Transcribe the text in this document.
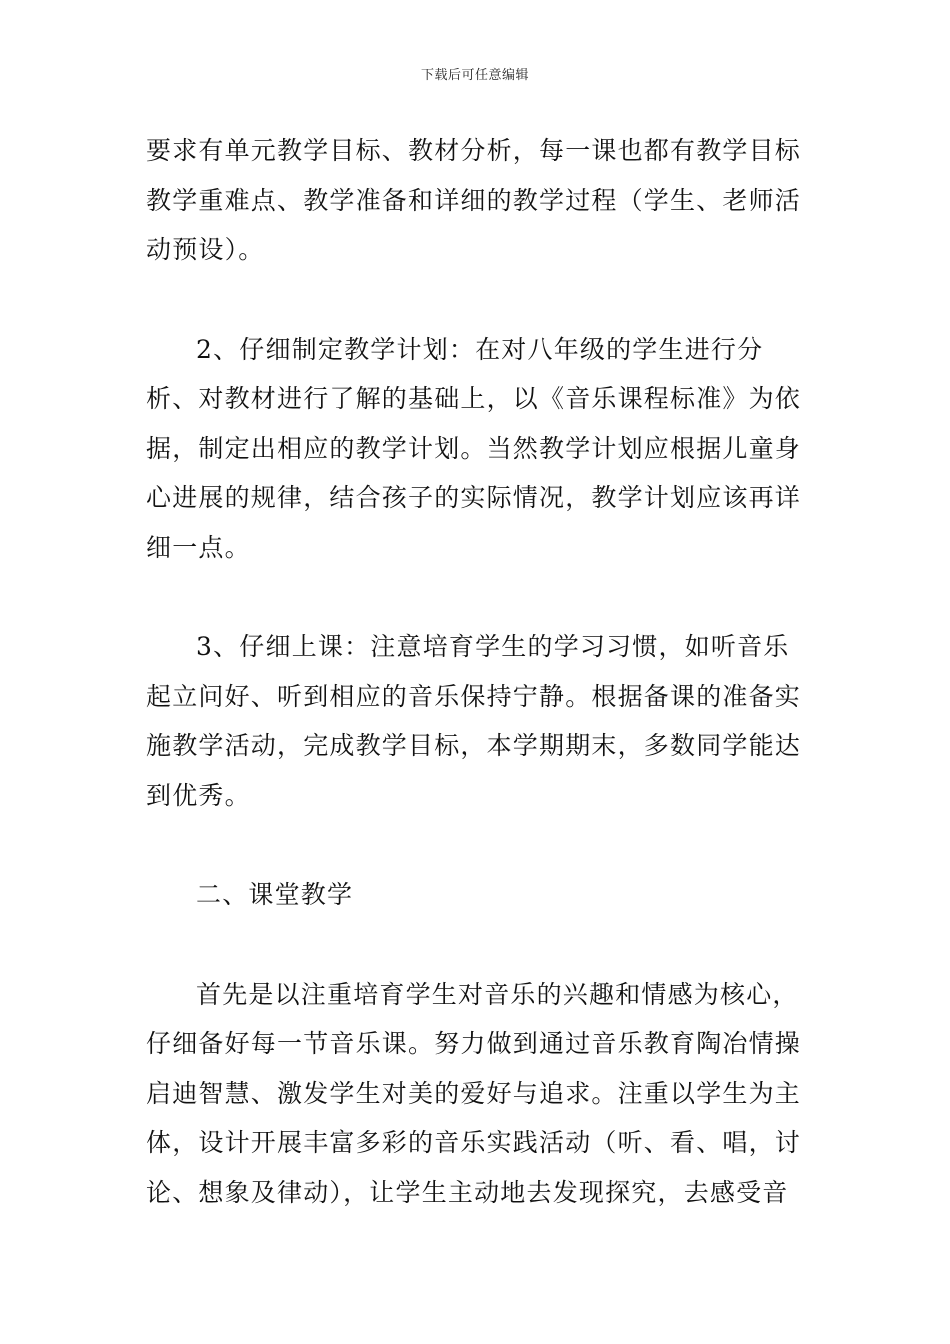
下载后可任意编辑

要求有单元教学目标、教材分析，每一课也都有教学目标教学重难点、教学准备和详细的教学过程（学生、老师活动预设）。

2、仔细制定教学计划：在对八年级的学生进行分析、对教材进行了解的基础上，以《音乐课程标准》为依据，制定出相应的教学计划。当然教学计划应根据儿童身心进展的规律，结合孩子的实际情况，教学计划应该再详细一点。

3、仔细上课：注意培育学生的学习习惯，如听音乐起立问好、听到相应的音乐保持宁静。根据备课的准备实施教学活动，完成教学目标，本学期期末，多数同学能达到优秀。

二、课堂教学

首先是以注重培育学生对音乐的兴趣和情感为核心，仔细备好每一节音乐课。努力做到通过音乐教育陶冶情操启迪智慧、激发学生对美的爱好与追求。注重以学生为主体，设计开展丰富多彩的音乐实践活动（听、看、唱，讨论、想象及律动），让学生主动地去发现探究，去感受音
